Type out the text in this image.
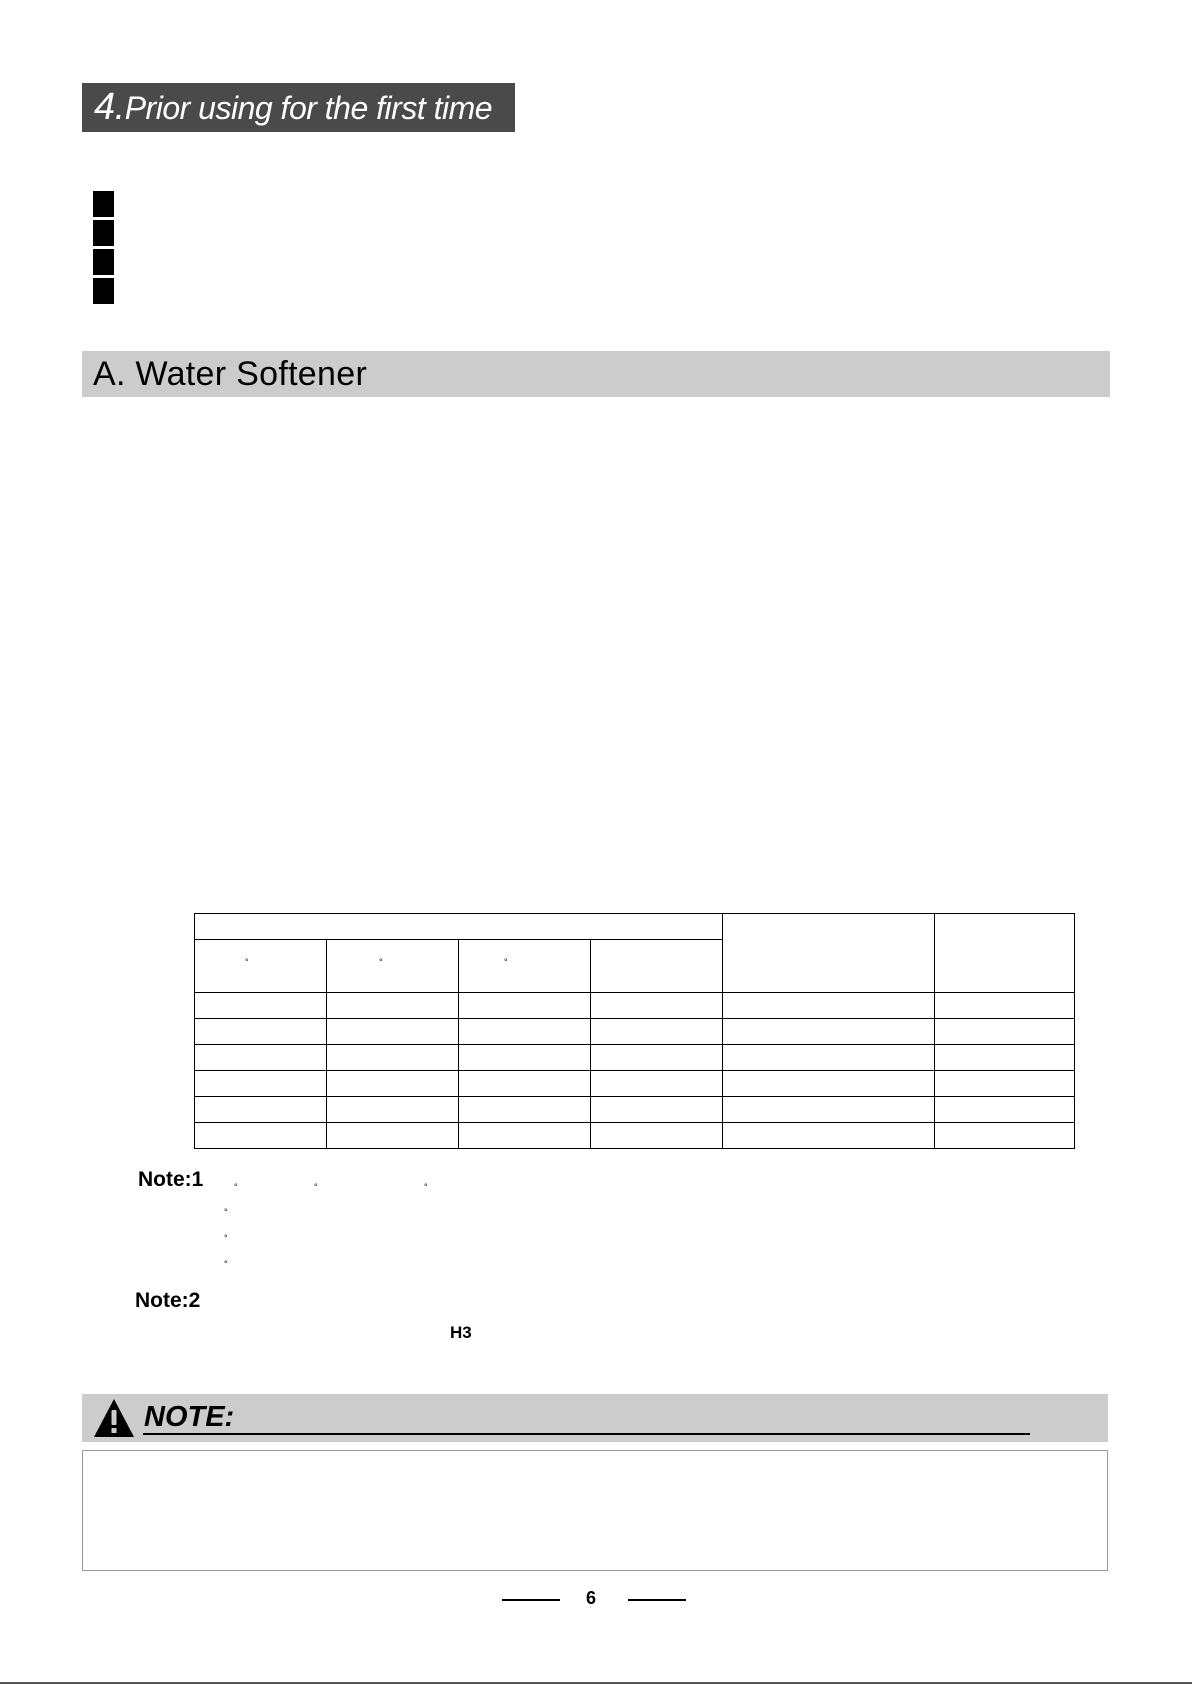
4.Prior using for the first time
A. Water Softener

°	°	°			

Note:1	°	°	°
°
°
°
Note:2
H3
NOTE:
6
